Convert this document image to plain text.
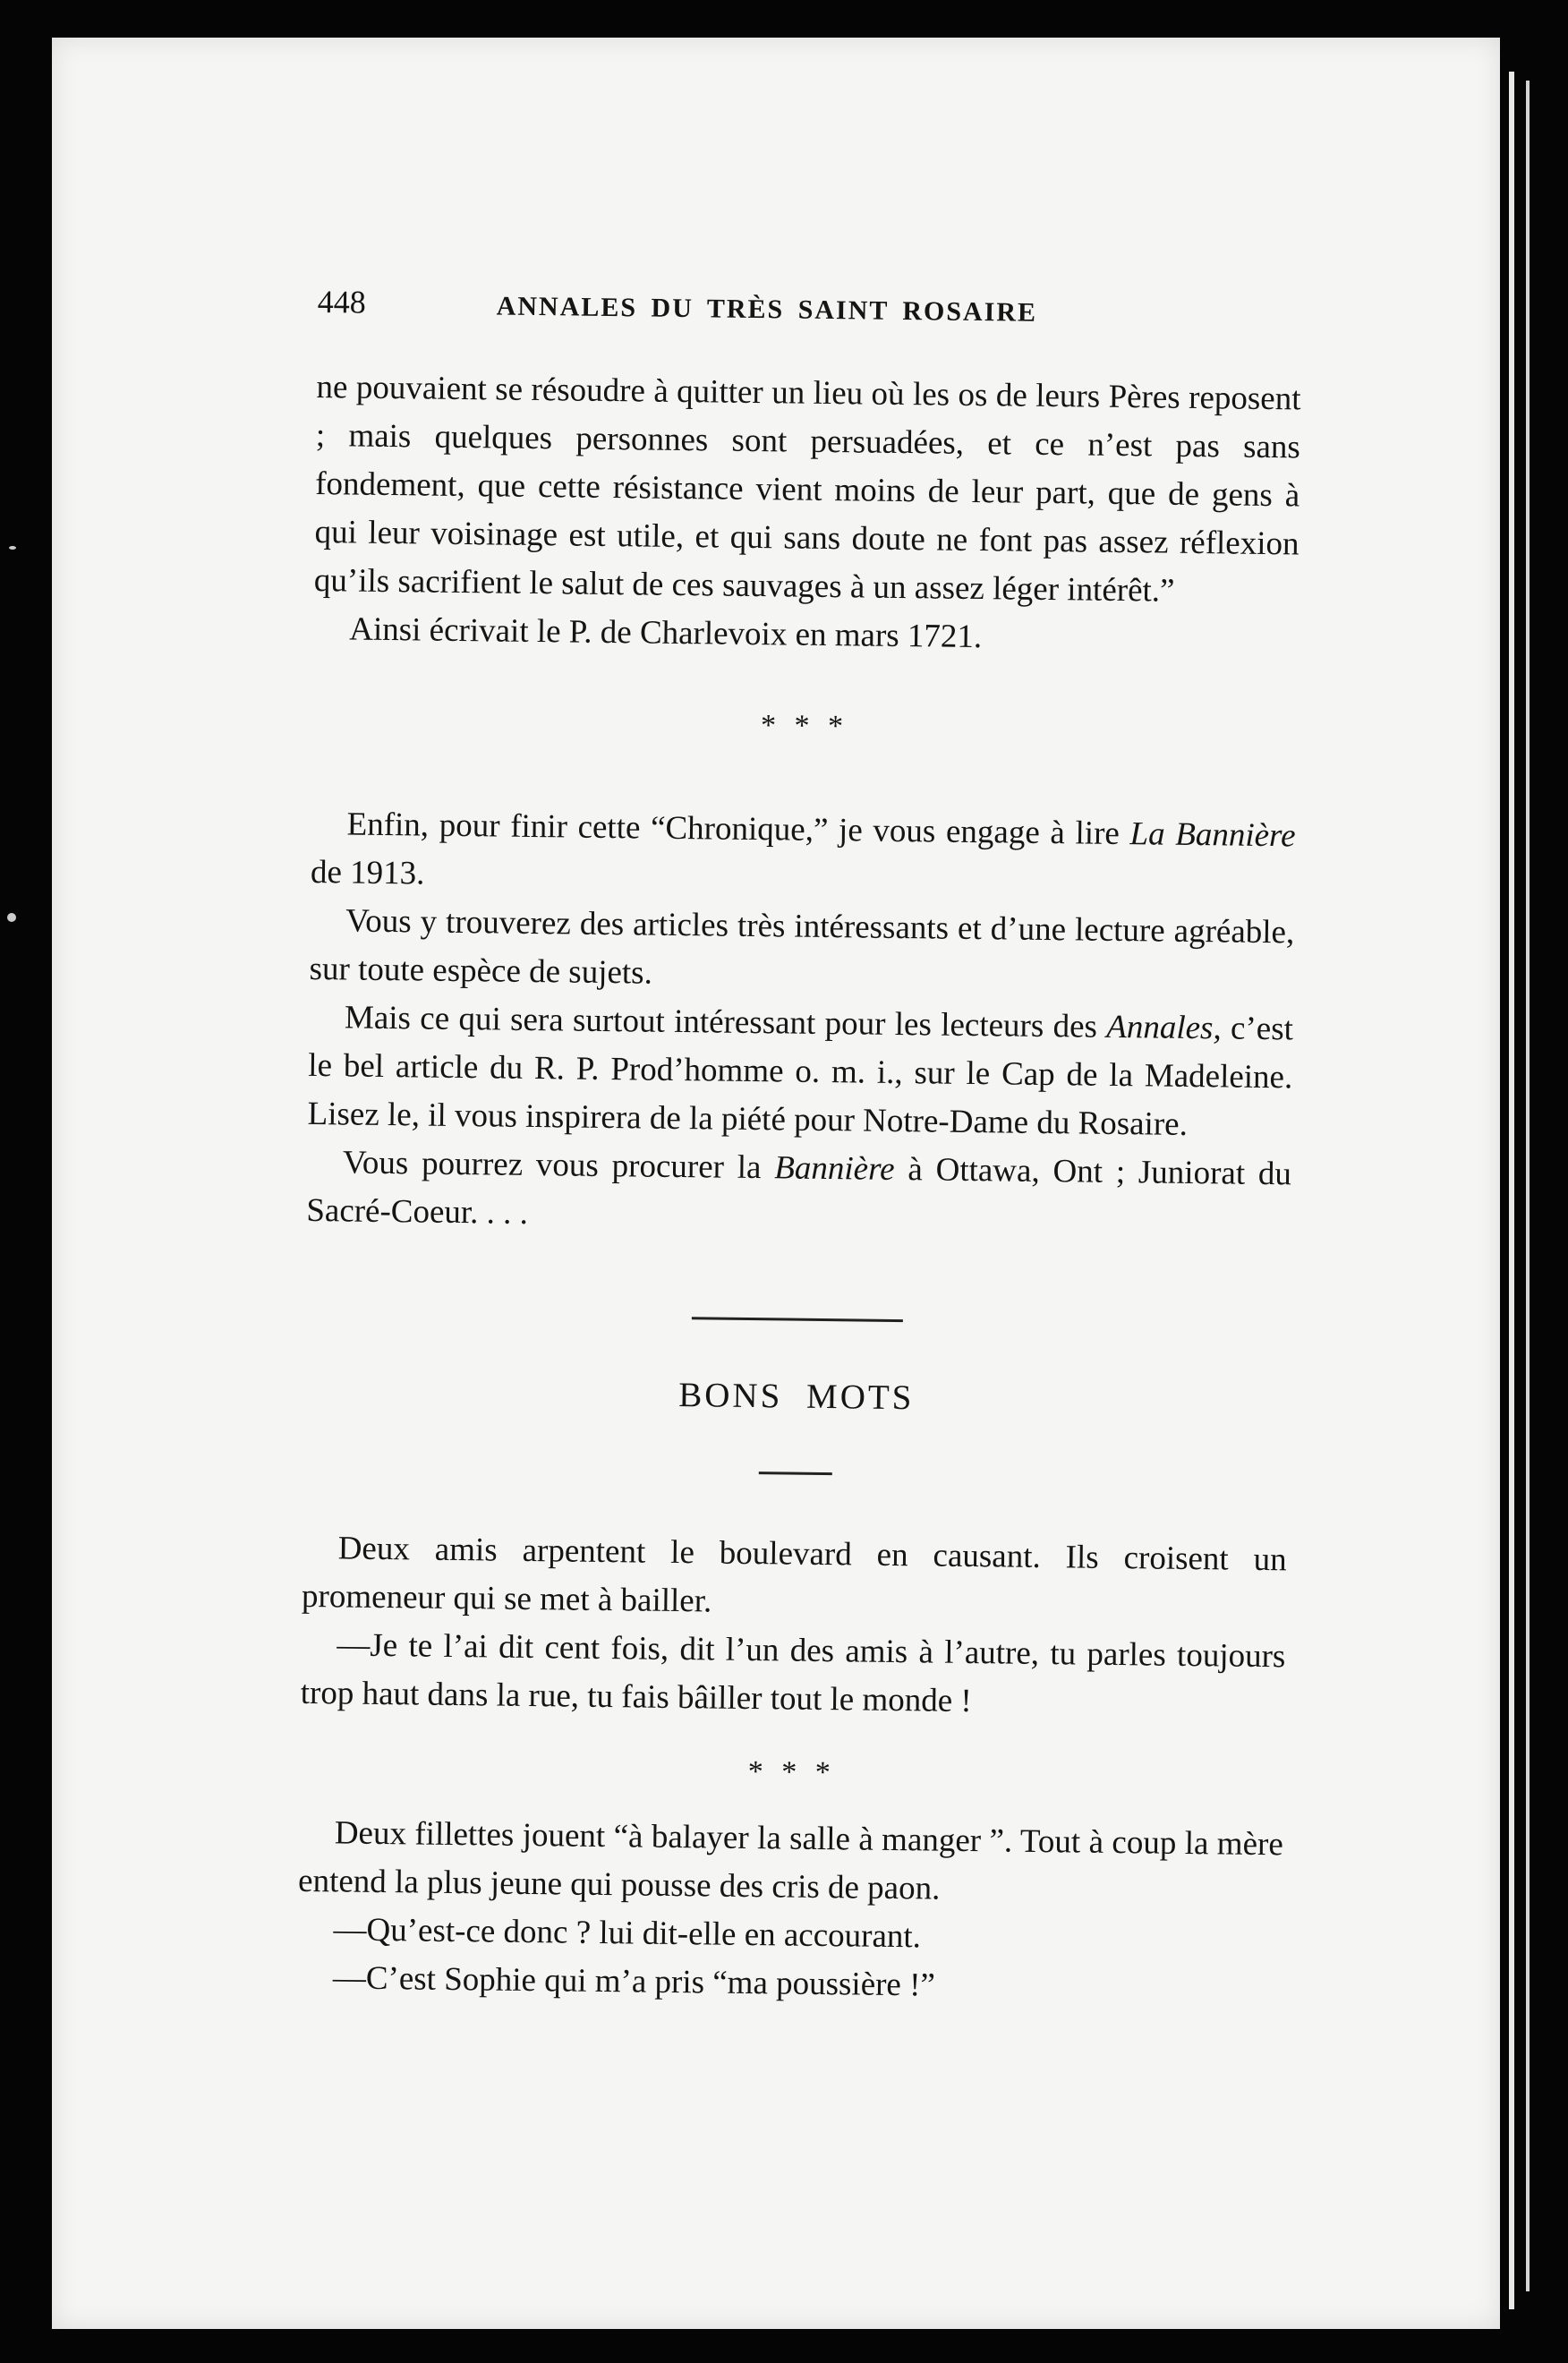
448	ANNALES DU TRÈS SAINT ROSAIRE

ne pouvaient se résoudre à quitter un lieu où les os de leurs Pères reposent ; mais quelques personnes sont persuadées, et ce n’est pas sans fondement, que cette résistance vient moins de leur part, que de gens à qui leur voisinage est utile, et qui sans doute ne font pas assez réflexion qu’ils sacrifient le salut de ces sauvages à un assez léger intérêt.”

Ainsi écrivait le P. de Charlevoix en mars 1721.

* * *

Enfin, pour finir cette “Chronique,” je vous engage à lire La Bannière de 1913.

Vous y trouverez des articles très intéressants et d’une lecture agréable, sur toute espèce de sujets.

Mais ce qui sera surtout intéressant pour les lecteurs des Annales, c’est le bel article du R. P. Prod’homme o. m. i., sur le Cap de la Madeleine. Lisez le, il vous inspirera de la piété pour Notre-Dame du Rosaire.

Vous pourrez vous procurer la Bannière à Ottawa, Ont ; Juniorat du Sacré-Coeur. . . .

BONS MOTS

Deux amis arpentent le boulevard en causant. Ils croisent un promeneur qui se met à bailler.

—Je te l’ai dit cent fois, dit l’un des amis à l’autre, tu parles toujours trop haut dans la rue, tu fais bâiller tout le monde !

* * *

Deux fillettes jouent “à balayer la salle à manger ”. Tout à coup la mère entend la plus jeune qui pousse des cris de paon.

—Qu’est-ce donc ? lui dit-elle en accourant.

—C’est Sophie qui m’a pris “ma poussière !”
